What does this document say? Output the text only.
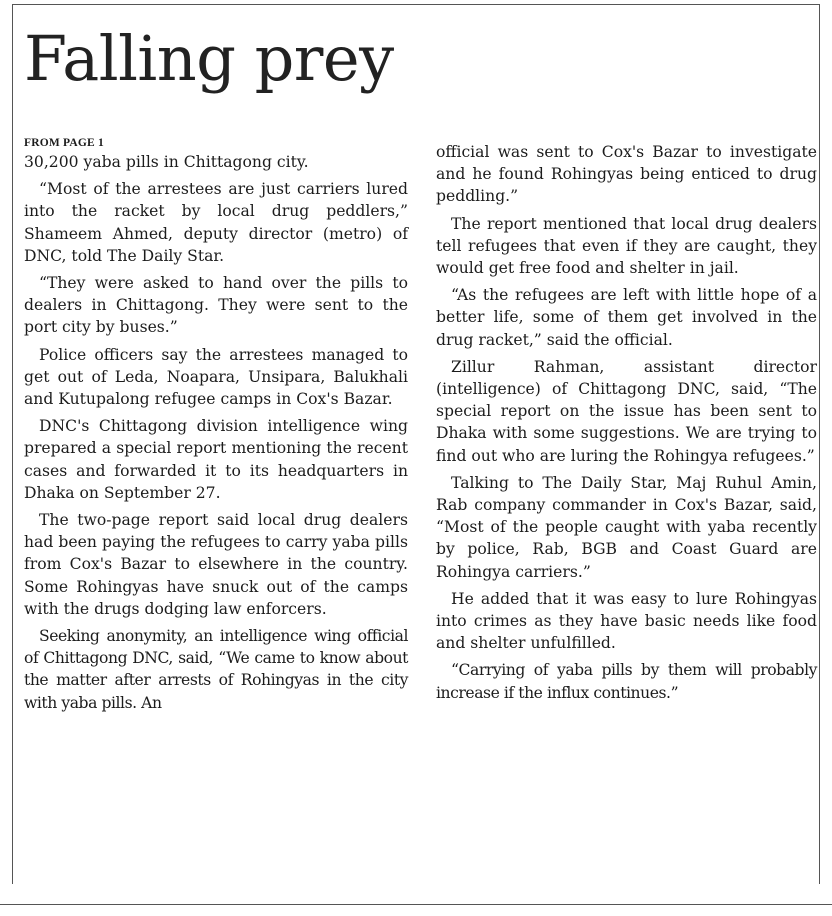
Falling prey
FROM PAGE 1

30,200 yaba pills in Chittagong city.

“Most of the arrestees are just carriers lured into the racket by local drug peddlers,” Shameem Ahmed, deputy director (metro) of DNC, told The Daily Star.

“They were asked to hand over the pills to dealers in Chittagong. They were sent to the port city by buses.”

Police officers say the arrestees managed to get out of Leda, Noapara, Unsipara, Balukhali and Kutupalong refugee camps in Cox's Bazar.

DNC's Chittagong division intelligence wing prepared a special report mentioning the recent cases and forwarded it to its headquarters in Dhaka on September 27.

The two-page report said local drug dealers had been paying the refugees to carry yaba pills from Cox's Bazar to elsewhere in the country. Some Rohingyas have snuck out of the camps with the drugs dodging law enforcers.

Seeking anonymity, an intelligence wing official of Chittagong DNC, said, “We came to know about the matter after arrests of Rohingyas in the city with yaba pills. An

official was sent to Cox's Bazar to investigate and he found Rohingyas being enticed to drug peddling.”

The report mentioned that local drug dealers tell refugees that even if they are caught, they would get free food and shelter in jail.

“As the refugees are left with little hope of a better life, some of them get involved in the drug racket,” said the official.

Zillur Rahman, assistant director (intelligence) of Chittagong DNC, said, “The special report on the issue has been sent to Dhaka with some suggestions. We are trying to find out who are luring the Rohingya refugees.”

Talking to The Daily Star, Maj Ruhul Amin, Rab company commander in Cox's Bazar, said, “Most of the people caught with yaba recently by police, Rab, BGB and Coast Guard are Rohingya carriers.”

He added that it was easy to lure Rohingyas into crimes as they have basic needs like food and shelter unfulfilled.

“Carrying of yaba pills by them will probably increase if the influx continues.”
